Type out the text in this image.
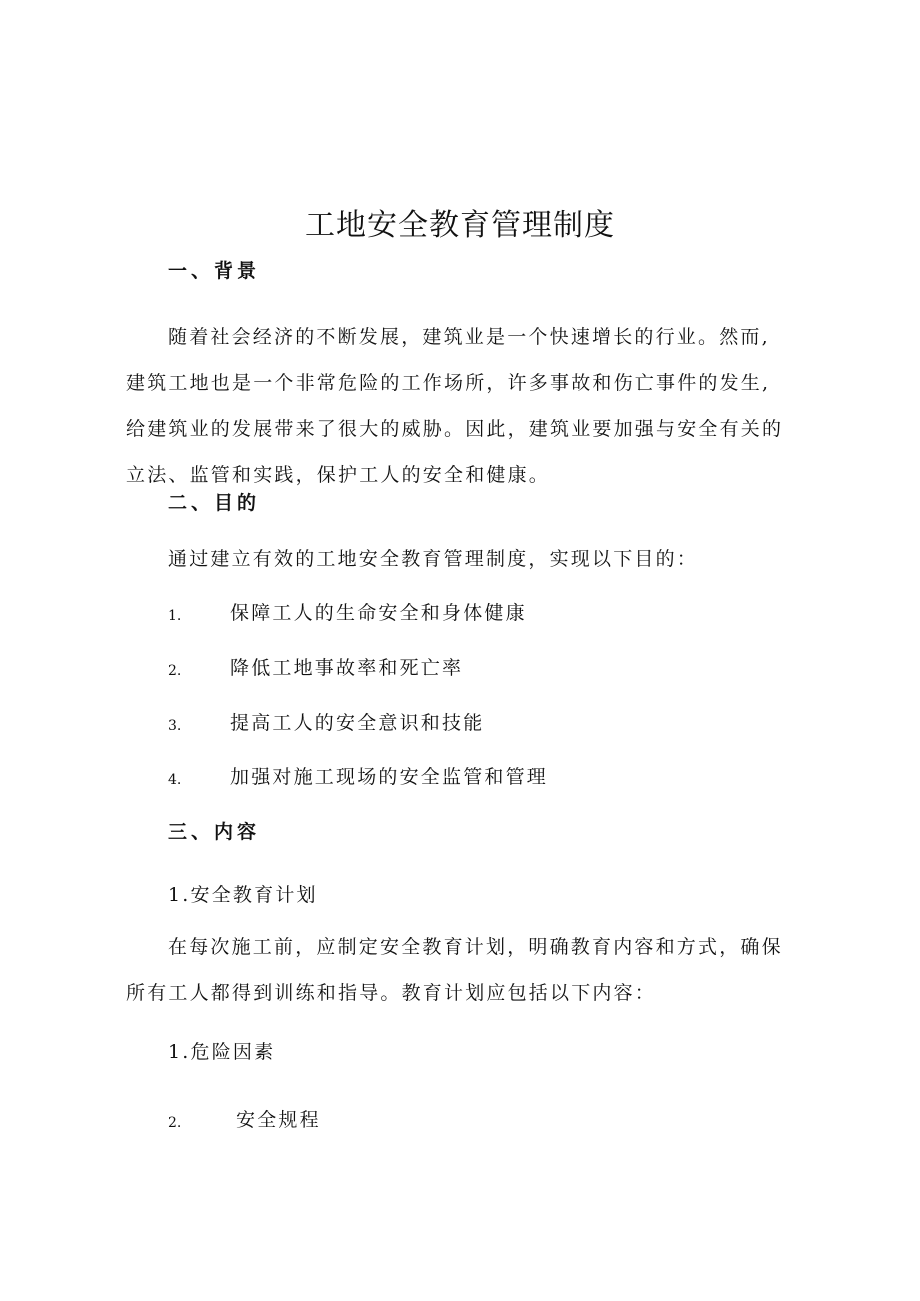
工地安全教育管理制度
一、背景

随着社会经济的不断发展，建筑业是一个快速增长的行业。然而,建筑工地也是一个非常危险的工作场所，许多事故和伤亡事件的发生,给建筑业的发展带来了很大的威胁。因此，建筑业要加强与安全有关的立法、监管和实践，保护工人的安全和健康。

二、目的

通过建立有效的工地安全教育管理制度，实现以下目的：

1.	保障工人的生命安全和身体健康
2.	降低工地事故率和死亡率
3.	提高工人的安全意识和技能
4.	加强对施工现场的安全监管和管理
三、内容
1.安全教育计划

在每次施工前，应制定安全教育计划，明确教育内容和方式，确保所有工人都得到训练和指导。教育计划应包括以下内容：

1.危险因素

2.	安全规程
